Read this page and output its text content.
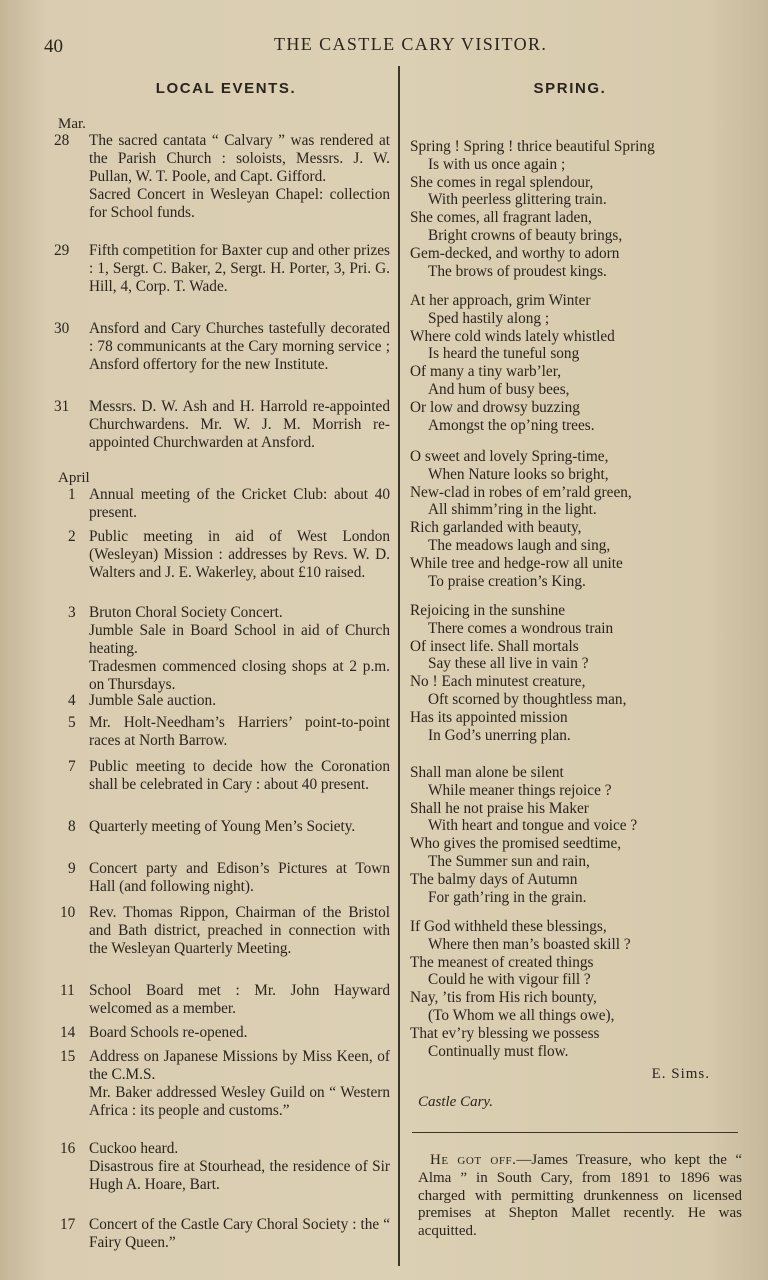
40	THE CASTLE CARY VISITOR.
LOCAL EVENTS.
Mar.
28	The sacred cantata “ Calvary ” was rendered at the Parish Church : soloists, Messrs. J. W. Pullan, W. T. Poole, and Capt. Gifford.
Sacred Concert in Wesleyan Chapel: collection for School funds.
29	Fifth competition for Baxter cup and other prizes : 1, Sergt. C. Baker, 2, Sergt. H. Porter, 3, Pri. G. Hill, 4, Corp. T. Wade.
30	Ansford and Cary Churches tastefully decorated : 78 communicants at the Cary morning service ; Ansford offertory for the new Institute.
31	Messrs. D. W. Ash and H. Harrold re-appointed Churchwardens. Mr. W. J. M. Morrish re-appointed Churchwarden at Ansford.
April
1 Annual meeting of the Cricket Club: about 40 present.
2 Public meeting in aid of West London (Wesleyan) Mission : addresses by Revs. W. D. Walters and J. E. Wakerley, about £10 raised.
3 Bruton Choral Society Concert.
Jumble Sale in Board School in aid of Church heating.
Tradesmen commenced closing shops at 2 p.m. on Thursdays.
4 Jumble Sale auction.
5 Mr. Holt-Needham’s Harriers’ point-to-point races at North Barrow.
7 Public meeting to decide how the Coronation shall be celebrated in Cary : about 40 present.
8 Quarterly meeting of Young Men’s Society.
9 Concert party and Edison’s Pictures at Town Hall (and following night).
10 Rev. Thomas Rippon, Chairman of the Bristol and Bath district, preached in connection with the Wesleyan Quarterly Meeting.
11 School Board met : Mr. John Hayward welcomed as a member.
14 Board Schools re-opened.
15 Address on Japanese Missions by Miss Keen, of the C.M.S.
Mr. Baker addressed Wesley Guild on “ Western Africa : its people and customs.”
16 Cuckoo heard.
Disastrous fire at Stourhead, the residence of Sir Hugh A. Hoare, Bart.
17 Concert of the Castle Cary Choral Society : the “ Fairy Queen.”
SPRING.
Spring ! Spring ! thrice beautiful Spring
Is with us once again ;
She comes in regal splendour,
With peerless glittering train.
She comes, all fragrant laden,
Bright crowns of beauty brings,
Gem-decked, and worthy to adorn
The brows of proudest kings.
At her approach, grim Winter
Sped hastily along ;
Where cold winds lately whistled
Is heard the tuneful song
Of many a tiny warb’ler,
And hum of busy bees,
Or low and drowsy buzzing
Amongst the op’ning trees.
O sweet and lovely Spring-time,
When Nature looks so bright,
New-clad in robes of em’rald green,
All shimm’ring in the light.
Rich garlanded with beauty,
The meadows laugh and sing,
While tree and hedge-row all unite
To praise creation’s King.
Rejoicing in the sunshine
There comes a wondrous train
Of insect life. Shall mortals
Say these all live in vain ?
No ! Each minutest creature,
Oft scorned by thoughtless man,
Has its appointed mission
In God’s unerring plan.
Shall man alone be silent
While meaner things rejoice ?
Shall he not praise his Maker
With heart and tongue and voice ?
Who gives the promised seedtime,
The Summer sun and rain,
The balmy days of Autumn
For gath’ring in the grain.
If God withheld these blessings,
Where then man’s boasted skill ?
The meanest of created things
Could he with vigour fill ?
Nay, ’tis from His rich bounty,
(To Whom we all things owe),
That ev’ry blessing we possess
Continually must flow.
E. Sims.
Castle Cary.
He got off.—James Treasure, who kept the “ Alma ” in South Cary, from 1891 to 1896 was charged with permitting drunkenness on licensed premises at Shepton Mallet recently. He was acquitted.
